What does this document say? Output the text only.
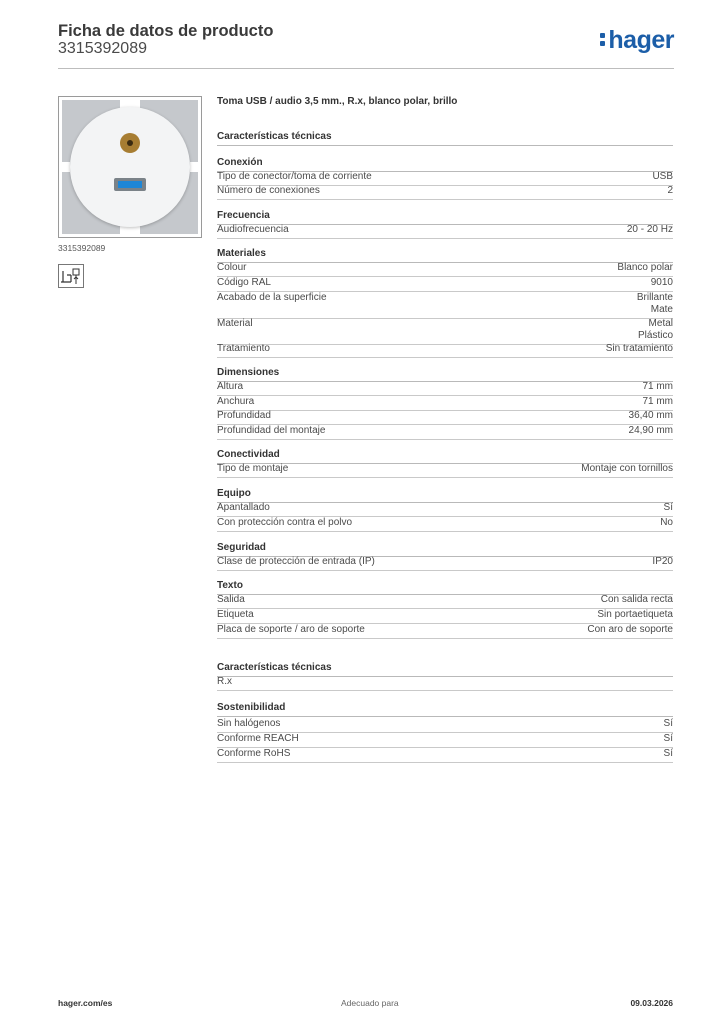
Ficha de datos de producto
3315392089	hager
3315392089
Toma USB / audio 3,5 mm., R.x, blanco polar, brillo
Características técnicas
Conexión
Tipo de conector/toma de corriente	USB
Número de conexiones	2
Frecuencia
Audiofrecuencia	20 - 20 Hz
Materiales
Colour	Blanco polar
Código RAL	9010
Acabado de la superficie	Brillante
Mate
Material	Metal
Plástico
Tratamiento	Sin tratamiento
Dimensiones
Altura	71 mm
Anchura	71 mm
Profundidad	36,40 mm
Profundidad del montaje	24,90 mm
Conectividad
Tipo de montaje	Montaje con tornillos
Equipo
Apantallado	Sí
Con protección contra el polvo	No
Seguridad
Clase de protección de entrada (IP)	IP20
Texto
Salida	Con salida recta
Etiqueta	Sin portaetiqueta
Placa de soporte / aro de soporte	Con aro de soporte
Características técnicas
R.x
Sostenibilidad
Sin halógenos	Sí
Conforme REACH	Sí
Conforme RoHS	Sí
hager.com/es	Adecuado para	09.03.2026
